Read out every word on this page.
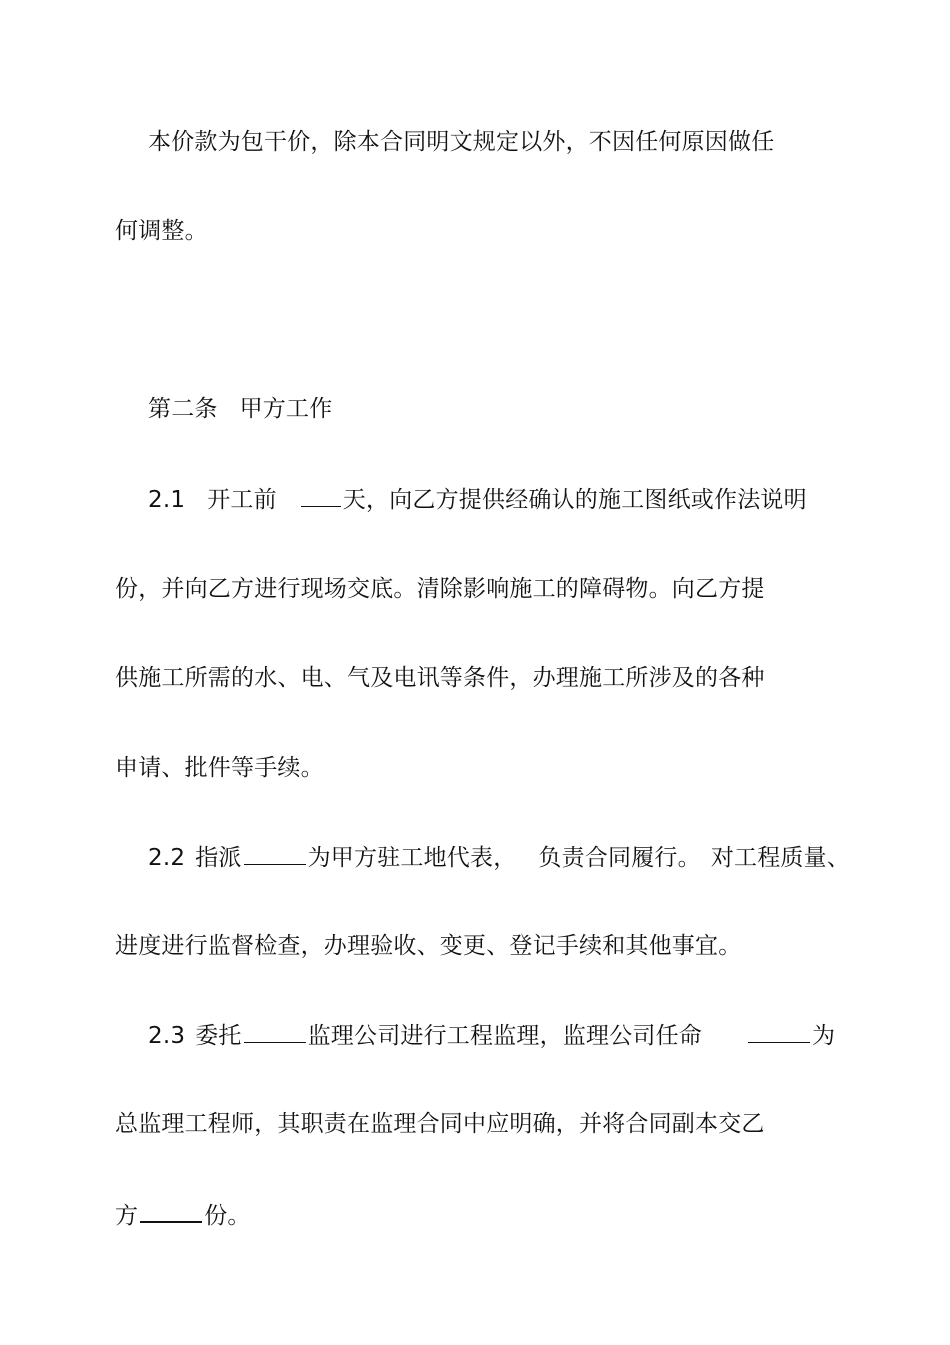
本价款为包干价，除本合同明文规定以外，不因任何原因做任
何调整。
第二条 甲方工作
2.1 开工前	天，向乙方提供经确认的施工图纸或作法说明
份，并向乙方进行现场交底。清除影响施工的障碍物。向乙方提
供施工所需的水、电、气及电讯等条件，办理施工所涉及的各种
申请、批件等手续。
2.2 指派	为甲方驻工地代表， 负责合同履行。 对工程质量、
进度进行监督检查，办理验收、变更、登记手续和其他事宜。
2.3 委托	监理公司进行工程监理，监理公司任命	为
总监理工程师，其职责在监理合同中应明确，并将合同副本交乙
方	份。
